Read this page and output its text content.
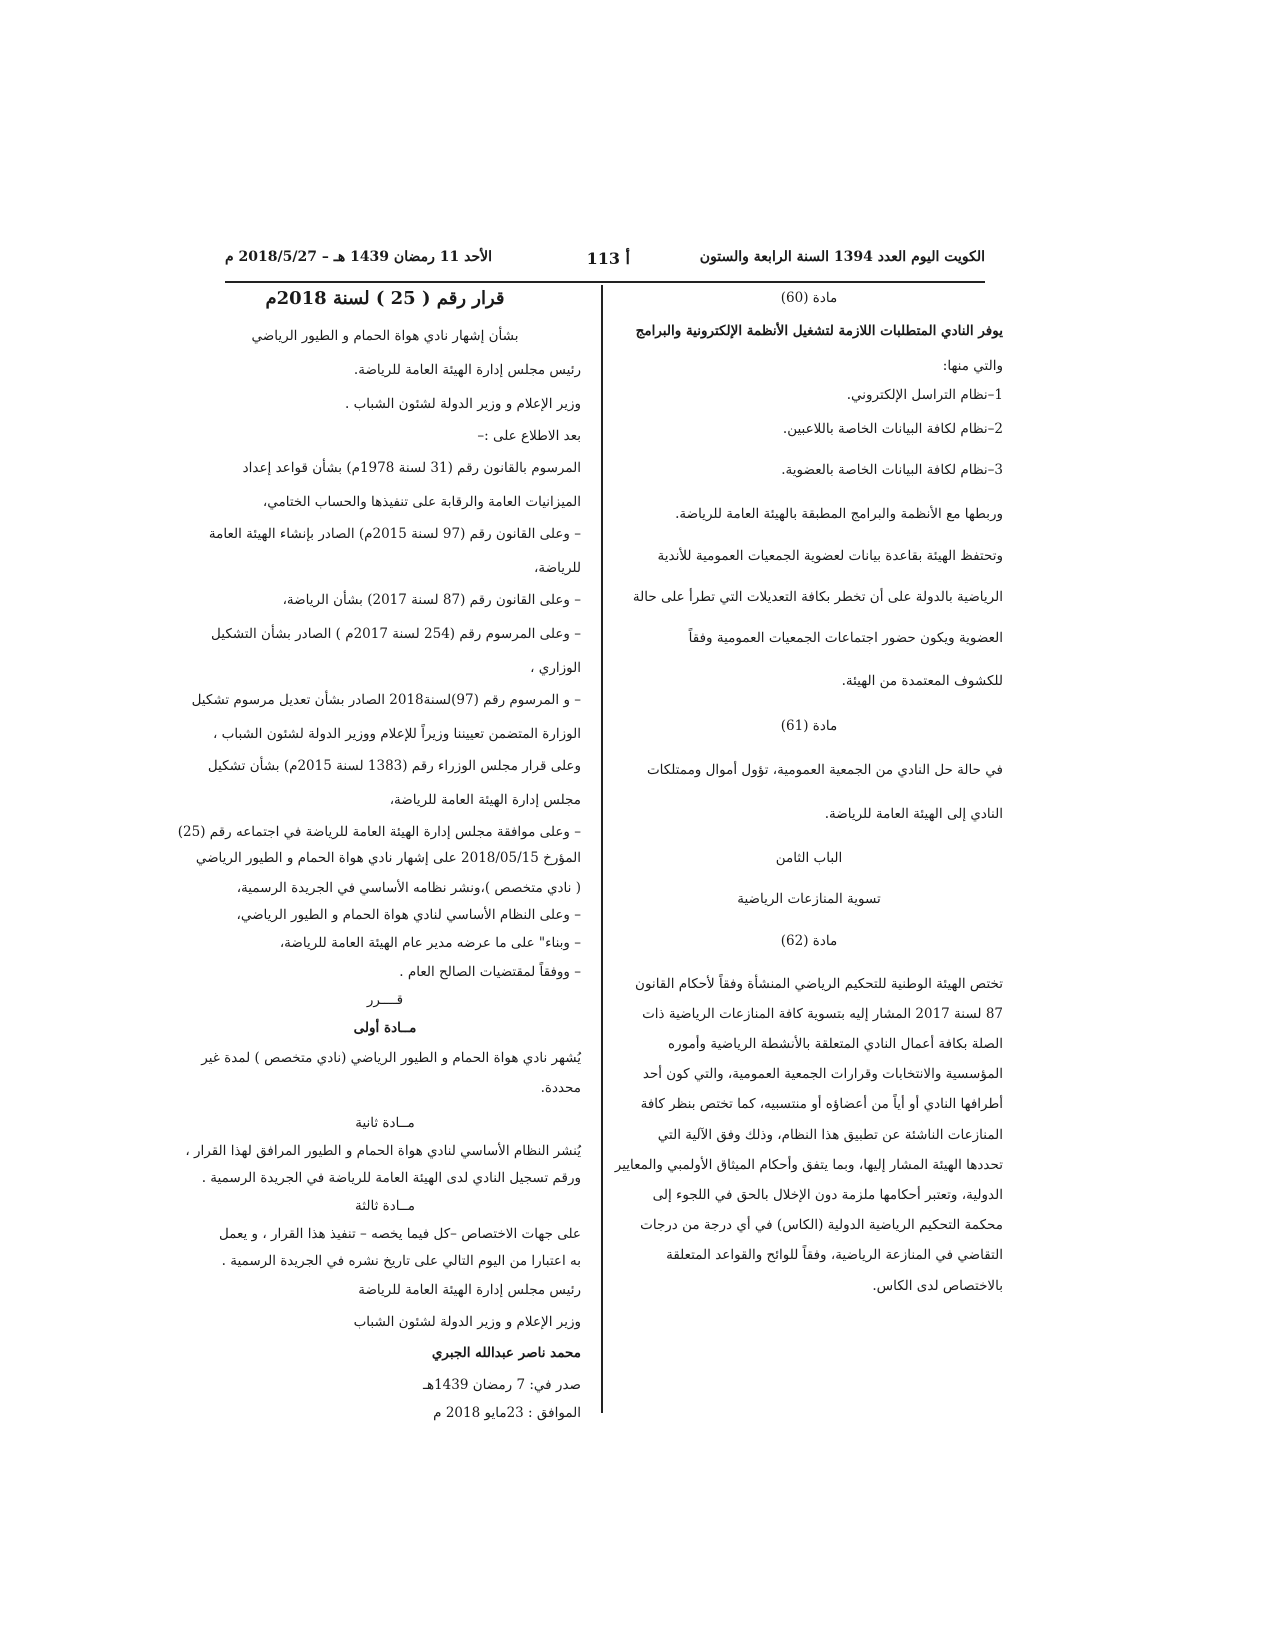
الكويت اليوم العدد 1394 السنة الرابعة والستون
أ 113
الأحد 11 رمضان 1439 هـ – 2018/5/27 م
مادة (60)
يوفر النادي المتطلبات اللازمة لتشغيل الأنظمة الإلكترونية والبرامج
والتي منها:
1–نظام التراسل الإلكتروني.
2–نظام لكافة البيانات الخاصة باللاعبين.
3–نظام لكافة البيانات الخاصة بالعضوية.
وربطها مع الأنظمة والبرامج المطبقة بالهيئة العامة للرياضة.
وتحتفظ الهيئة بقاعدة بيانات لعضوية الجمعيات العمومية للأندية
الرياضية بالدولة على أن تخطر بكافة التعديلات التي تطرأ على حالة
العضوية ويكون حضور اجتماعات الجمعيات العمومية وفقاً
للكشوف المعتمدة من الهيئة.
مادة (61)
في حالة حل النادي من الجمعية العمومية، تؤول أموال وممتلكات
النادي إلى الهيئة العامة للرياضة.
الباب الثامن
تسوية المنازعات الرياضية
مادة (62)
تختص الهيئة الوطنية للتحكيم الرياضي المنشأة وفقاً لأحكام القانون
87 لسنة 2017 المشار إليه بتسوية كافة المنازعات الرياضية ذات
الصلة بكافة أعمال النادي المتعلقة بالأنشطة الرياضية وأموره
المؤسسية والانتخابات وقرارات الجمعية العمومية، والتي كون أحد
أطرافها النادي أو أياً من أعضاؤه أو منتسبيه، كما تختص بنظر كافة
المنازعات الناشئة عن تطبيق هذا النظام، وذلك وفق الآلية التي
تحددها الهيئة المشار إليها، وبما يتفق وأحكام الميثاق الأولمبي والمعايير
الدولية، وتعتبر أحكامها ملزمة دون الإخلال بالحق في اللجوء إلى
محكمة التحكيم الرياضية الدولية (الكاس) في أي درجة من درجات
التقاضي في المنازعة الرياضية، وفقاً للوائح والقواعد المتعلقة
بالاختصاص لدى الكاس.
قرار رقم ( 25 ) لسنة 2018م
بشأن إشهار نادي هواة الحمام و الطيور الرياضي
رئيس مجلس إدارة الهيئة العامة للرياضة.
وزير الإعلام و وزير الدولة لشئون الشباب .
بعد الاطلاع على :–
المرسوم بالقانون رقم (31 لسنة 1978م) بشأن قواعد إعداد
الميزانيات العامة والرقابة على تنفيذها والحساب الختامي،
– وعلى القانون رقم (97 لسنة 2015م) الصادر بإنشاء الهيئة العامة
للرياضة،
– وعلى القانون رقم (87 لسنة 2017) بشأن الرياضة،
– وعلى المرسوم رقم (254 لسنة 2017م ) الصادر بشأن التشكيل
الوزاري ،
– و المرسوم رقم (97)لسنة2018 الصادر بشأن تعديل مرسوم تشكيل
الوزارة المتضمن تعييننا وزيراً للإعلام ووزير الدولة لشئون الشباب ،
وعلى قرار مجلس الوزراء رقم (1383 لسنة 2015م) بشأن تشكيل
مجلس إدارة الهيئة العامة للرياضة،
– وعلى موافقة مجلس إدارة الهيئة العامة للرياضة في اجتماعه رقم (25)
المؤرخ 2018/05/15 على إشهار نادي هواة الحمام و الطيور الرياضي
( نادي متخصص )،ونشر نظامه الأساسي في الجريدة الرسمية،
– وعلى النظام الأساسي لنادي هواة الحمام و الطيور الرياضي،
– وبناء" على ما عرضه مدير عام الهيئة العامة للرياضة،
– ووفقاً لمقتضيات الصالح العام .
قــــرر
مــادة أولى
يُشهر نادي هواة الحمام و الطيور الرياضي (نادي متخصص ) لمدة غير
محددة.
مــادة ثانية
يُنشر النظام الأساسي لنادي هواة الحمام و الطيور المرافق لهذا القرار ،
ورقم تسجيل النادي لدى الهيئة العامة للرياضة في الجريدة الرسمية .
مــادة ثالثة
على جهات الاختصاص –كل فيما يخصه – تنفيذ هذا القرار ، و يعمل
به اعتبارا من اليوم التالي على تاريخ نشره في الجريدة الرسمية .
رئيس مجلس إدارة الهيئة العامة للرياضة
وزير الإعلام و وزير الدولة لشئون الشباب
محمد ناصر عبدالله الجبري
صدر في: 7 رمضان 1439هـ
الموافق : 23مايو 2018 م
